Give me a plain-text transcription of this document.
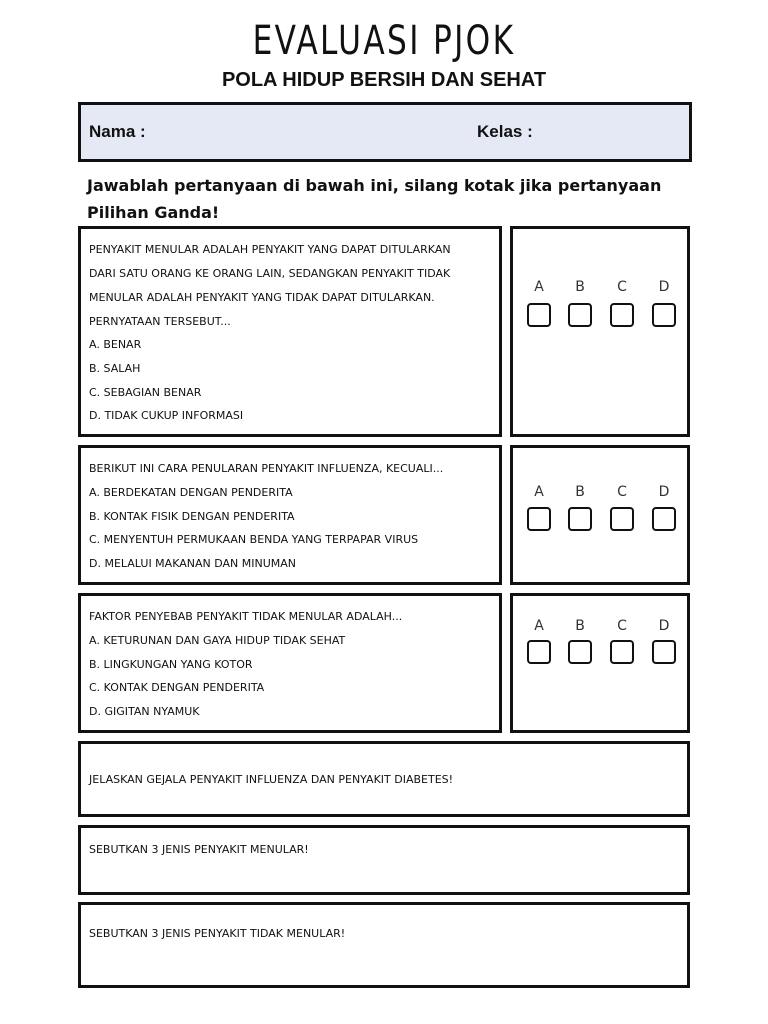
EVALUASI PJOK
POLA HIDUP BERSIH DAN SEHAT
Nama :	Kelas :
Jawablah pertanyaan di bawah ini, silang kotak jika pertanyaan
Pilihan Ganda!
PENYAKIT MENULAR ADALAH PENYAKIT YANG DAPAT DITULARKAN
DARI SATU ORANG KE ORANG LAIN, SEDANGKAN PENYAKIT TIDAK
MENULAR ADALAH PENYAKIT YANG TIDAK DAPAT DITULARKAN.
PERNYATAAN TERSEBUT...
A. BENAR
B. SALAH
C. SEBAGIAN BENAR
D. TIDAK CUKUP INFORMASI
A	B	C	D
BERIKUT INI CARA PENULARAN PENYAKIT INFLUENZA, KECUALI...
A. BERDEKATAN DENGAN PENDERITA
B. KONTAK FISIK DENGAN PENDERITA
C. MENYENTUH PERMUKAAN BENDA YANG TERPAPAR VIRUS
D. MELALUI MAKANAN DAN MINUMAN
A	B	C	D
FAKTOR PENYEBAB PENYAKIT TIDAK MENULAR ADALAH...
A. KETURUNAN DAN GAYA HIDUP TIDAK SEHAT
B. LINGKUNGAN YANG KOTOR
C. KONTAK DENGAN PENDERITA
D. GIGITAN NYAMUK
A	B	C	D
JELASKAN GEJALA PENYAKIT INFLUENZA DAN PENYAKIT DIABETES!
SEBUTKAN 3 JENIS PENYAKIT MENULAR!
SEBUTKAN 3 JENIS PENYAKIT TIDAK MENULAR!
